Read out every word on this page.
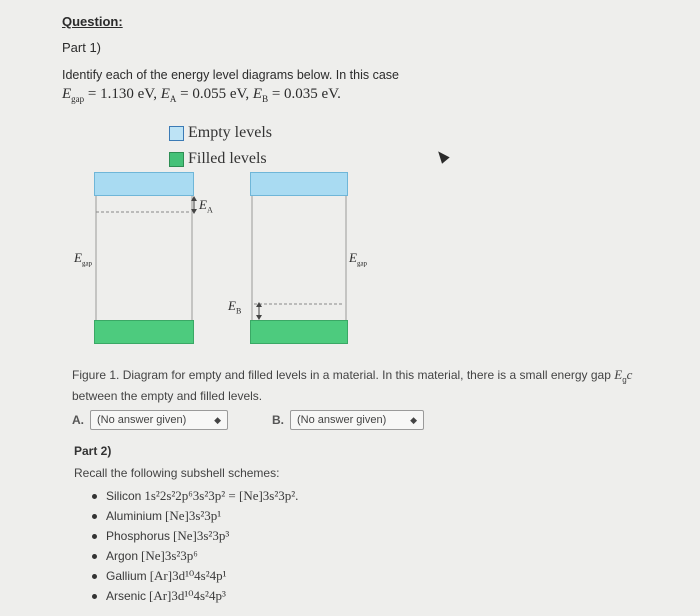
Question:
Part 1)
Identify each of the energy level diagrams below. In this case
$E_{gap} = 1.130$ eV, $E_A = 0.055$ eV, $E_B = 0.035$ eV.
Empty levels
Filled levels
$E_{gap}$
$E_A$
$E_B$
$E_{gap}$
Figure 1. Diagram for empty and filled levels in a material. In this material, there is a small energy gap $E_gc$
between the empty and filled levels.
A. (No answer given)	◆	B. (No answer given)	◆
Part 2)
Recall the following subshell schemes:
Silicon 1s²2s²2p⁶3s²3p² = [Ne]3s²3p².
Aluminium [Ne]3s²3p¹
Phosphorus [Ne]3s²3p³
Argon [Ne]3s²3p⁶
Gallium [Ar]3d¹⁰4s²4p¹
Arsenic [Ar]3d¹⁰4s²4p³
